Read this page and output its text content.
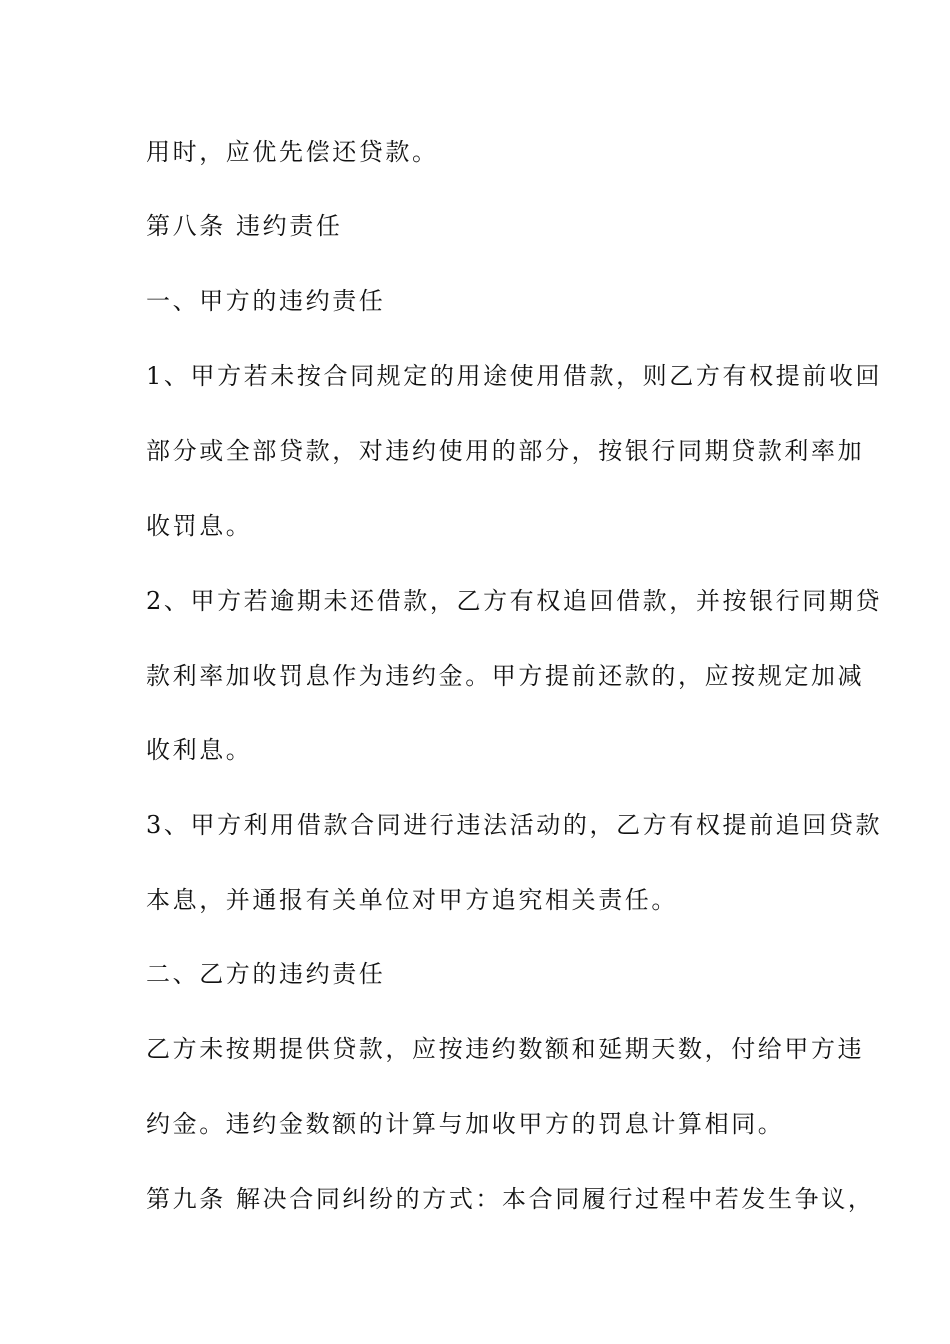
用时，应优先偿还贷款。
第八条 违约责任
一、甲方的违约责任
1、甲方若未按合同规定的用途使用借款，则乙方有权提前收回
部分或全部贷款，对违约使用的部分，按银行同期贷款利率加
收罚息。
2、甲方若逾期未还借款，乙方有权追回借款，并按银行同期贷
款利率加收罚息作为违约金。甲方提前还款的，应按规定加减
收利息。
3、甲方利用借款合同进行违法活动的，乙方有权提前追回贷款
本息，并通报有关单位对甲方追究相关责任。
二、乙方的违约责任
乙方未按期提供贷款，应按违约数额和延期天数，付给甲方违
约金。违约金数额的计算与加收甲方的罚息计算相同。
第九条 解决合同纠纷的方式：本合同履行过程中若发生争议，
